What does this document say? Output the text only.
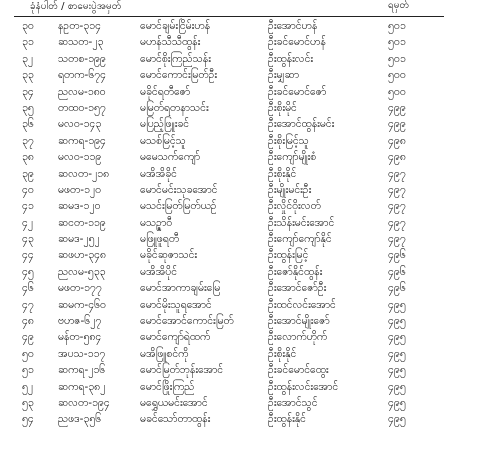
ခုံနံပါတ် / စာမေးပွဲအမှတ်	ရမှတ်
၃၀	နဥတ-၃၁၄	မောင်ချမ်းငြိမ်းဟန်	ဦးအောင်ဟန်	၅၀၁
၃၁	ဆသတ-၂၃	မဟန်သီသီထွန်း	ဦးခင်မောင်ဟန်	၅၀၁
၃၂	သတစ-၁၉၉	မောင်စိုးကြည်သန်း	ဦးထွန်းလင်း	၅၀၁
၃၃	ရတက-၆၇၄	မောင်ကောင်းမြတ်ဦး	ဦးမျှဆာ	၅၀၀
၃၄	ညလမ-၁၈၀	မခိုင်ရတီဇော်	ဦးခင်မောင်ဇော်	၅၀၀
၃၅	တထဝ-၁၅၇	မမြတ်ရတနာသင်း	ဦးစိုးမိုင်	၄၉၉
၃၆	မလဝ-၁၄၃	မပြည့်ဖြူးခင်	ဦးအောင်ထွန်းမင်း	၄၉၉
၃၇	ဆကရ-၁၉၄	မသစ်မြင့်သူ	ဦးစိုးမြင့်သူ	၄၉၈
၃၈	မလဝ-၁၁၉	မမေသက်ကျော်	ဦးကျော်မျိုးစံ	၄၉၈
၃၉	ဆလတ-၂၁၈	မအိအိခိုင်	ဦးစိုးနိုင်	၄၉၇
၄၀	မဖတ-၁၂၀	မောင်မင်းသုခအောင်	ဦးမျိုးမင်းဦး	၄၉၇
၄၁	ဆမဒ-၁၂၀	မသင်းမြတ်မြတ်ယဉ်	ဦးလှိုင်ဝိုးလတ်	၄၉၇
၄၂	ဆငတ-၁၁၉	မသဉ္ဇာဝီ	ဦးသိန်းမင်းအောင်	၄၉၇
၄၃	ဆမဒ-၂၅၂	မဖြူဖူရတီ	ဦးကျော်ကျော်နိုင်	၄၉၇
၄၄	ဆဖဟ-၃၄၈	မခိုင်ဆုဇာသင်း	ဦးထွန်းမြင့်	၄၉၆
၄၅	ညလမ-၅၃၃	မအိအိပိုင်	ဦးဇော်နိုင်ထွန်း	၄၉၆
၄၆	မဖတ-၁၇၇	မောင်အာကာချမ်းမြေ	ဦးအောင်ဇော်ဦး	၄၉၆
၄၇	ဆမက-၄၆၀	မောင်မိုးသူရအောင်	ဦးထင်လင်းအောင်	၄၉၅
၄၈	ဗဟဇ-၆၂၇	မောင်အောင်ကောင်းမြတ်	ဦးအောင်မျိုးဇော်	၄၉၅
၄၉	မန်တ-၅၈၄	မောင်ကျော်ရဲထက်	ဦးလောက်ဟိုက်	၄၉၅
၅၀	အပသ-၁၁၇	မအိဖြူစင်ကို	ဦးစိုးနိုင်	၄၉၅
၅၁	ဆကရ-၂၁၆	မောင်မြတ်ဘုန်းအောင်	ဦးခင်မောင်ထွေး	၄၉၅
၅၂	ဆကရ-၃၈၂	မောင်ဖြိုးကြည်	ဦးထွန်းလင်းအောင်	၄၉၅
၅၃	ဆလတ-၁၉၄	မရွှေယမင်းအောင်	ဦးအောင်သွင်	၄၉၅
၅၄	ညဖဒ-၃၅၆	မခင်သော်တာထွန်း	ဦးထွန်းနိုင်	၄၉၅
